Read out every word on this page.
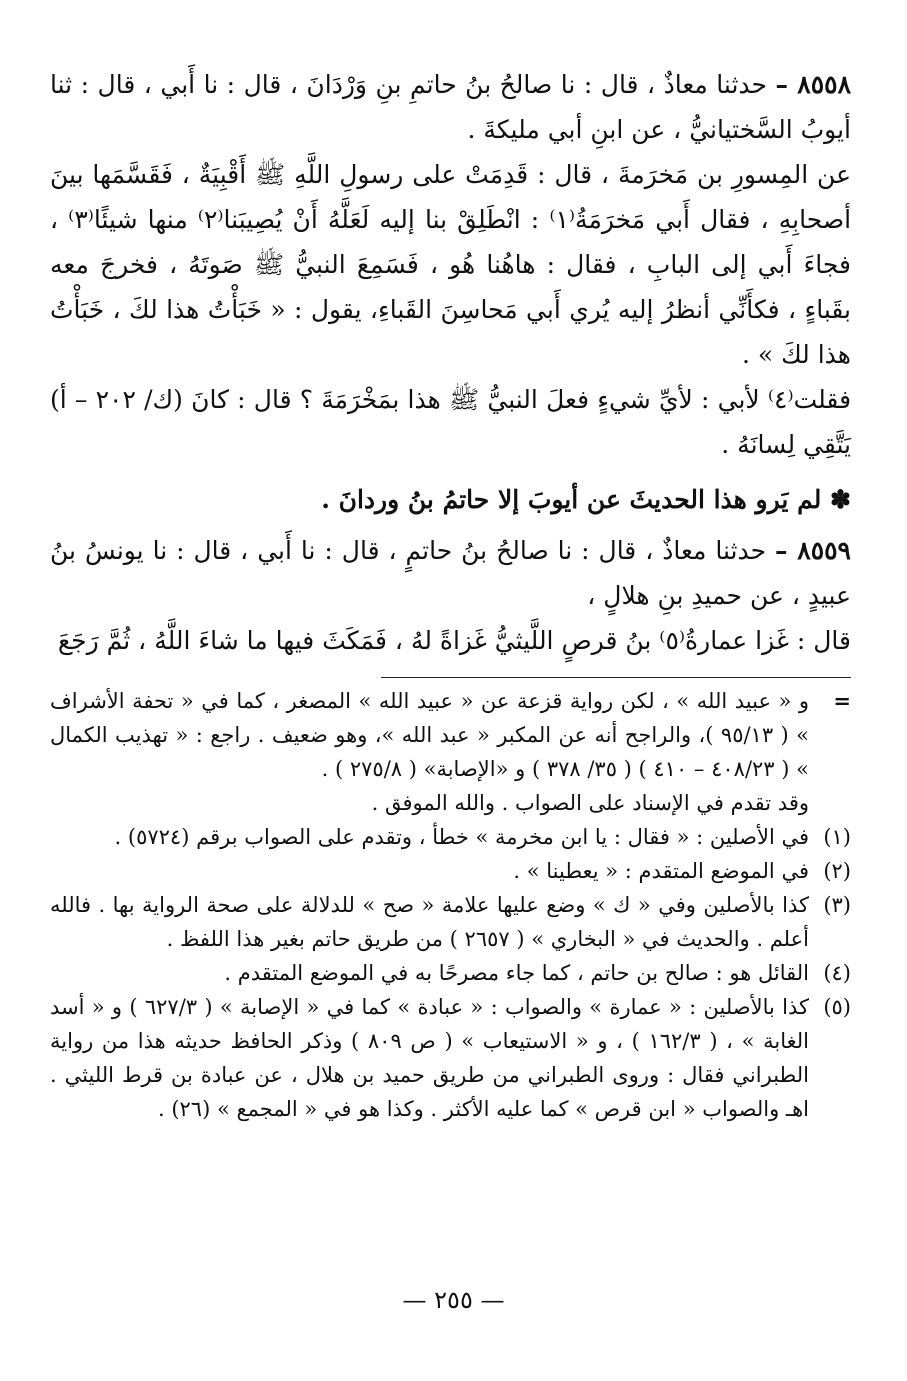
٨٥٥٨ – حدثنا معاذٌ ، قال : نا صالحُ بنُ حاتمِ بنِ وَرْدَانَ ، قال : نا أَبي ، قال : ثنا أيوبُ السَّختيانيُّ ، عن ابنِ أبي مليكةَ .

عن المِسورِ بن مَخرَمةَ ، قال : قَدِمَتْ على رسولِ اللَّهِ ﷺ أَقْبِيَةٌ ، فَقَسَّمَها بينَ أصحابِهِ ، فقال أَبي مَخرَمَةُ⁽١⁾ : انْطَلِقْ بنا إليه لَعَلَّهُ أَنْ يُصِيبَنا⁽٢⁾ منها شيئًا⁽٣⁾ ، فجاءَ أَبي إلى البابِ ، فقال : هاهُنا هُو ، فَسَمِعَ النبيُّ ﷺ صَوتَهُ ، فخرجَ معه بقَباءٍ ، فكأَنِّي أنظرُ إليه يُري أَبي مَحاسِنَ القَباءِ، يقول : « خَبَأْتُ هذا لكَ ، خَبَأْتُ هذا لكَ » .

فقلت⁽٤⁾ لأبي : لأيِّ شيءٍ فعلَ النبيُّ ﷺ هذا بمَخْرَمَةَ ؟ قال : كانَ (ك/ ٢٠٢ – أ) يَتَّقِي لِسانَهُ .

✽ لم يَرو هذا الحديثَ عن أيوبَ إلا حاتمُ بنُ وردانَ .

٨٥٥٩ – حدثنا معاذٌ ، قال : نا صالحُ بنُ حاتمٍ ، قال : نا أَبي ، قال : نا يونسُ بنُ عبيدٍ ، عن حميدِ بنِ هلالٍ ،

قال : غَزا عمارةُ⁽٥⁾ بنُ قرصٍ اللَّيثيُّ غَزاةً لهُ ، فَمَكَثَ فيها ما شاءَ اللَّهُ ، ثُمَّ رَجَعَ

=
و « عبيد الله » ، لكن رواية قزعة عن « عبيد الله » المصغر ، كما في « تحفة الأشراف » ( ٩٥/١٣ )، والراجح أنه عن المكبر « عبد الله »، وهو ضعيف . راجع : « تهذيب الكمال » ( ٤٠٨/٢٣ – ٤١٠ ) ( ٣٥/ ٣٧٨ ) و «الإصابة» ( ٢٧٥/٨ ) .
وقد تقدم في الإسناد على الصواب . والله الموفق .
(١)
في الأصلين : « فقال : يا ابن مخرمة » خطأ ، وتقدم على الصواب برقم (٥٧٢٤) .
(٢)
في الموضع المتقدم : « يعطينا » .
(٣)
كذا بالأصلين وفي « ك » وضع عليها علامة « صح » للدلالة على صحة الرواية بها . فالله أعلم . والحديث في « البخاري » ( ٢٦٥٧ ) من طريق حاتم بغير هذا اللفظ .
(٤)
القائل هو : صالح بن حاتم ، كما جاء مصرحًا به في الموضع المتقدم .
(٥)
كذا بالأصلين : « عمارة » والصواب : « عبادة » كما في « الإصابة » ( ٦٢٧/٣ ) و « أسد الغابة » ، ( ١٦٢/٣ ) ، و « الاستيعاب » ( ص ٨٠٩ ) وذكر الحافظ حديثه هذا من رواية الطبراني فقال : وروى الطبراني من طريق حميد بن هلال ، عن عبادة بن قرط الليثي . اهـ والصواب « ابن قرص » كما عليه الأكثر . وكذا هو في « المجمع » (٢٦) .
— ٢٥٥ —
